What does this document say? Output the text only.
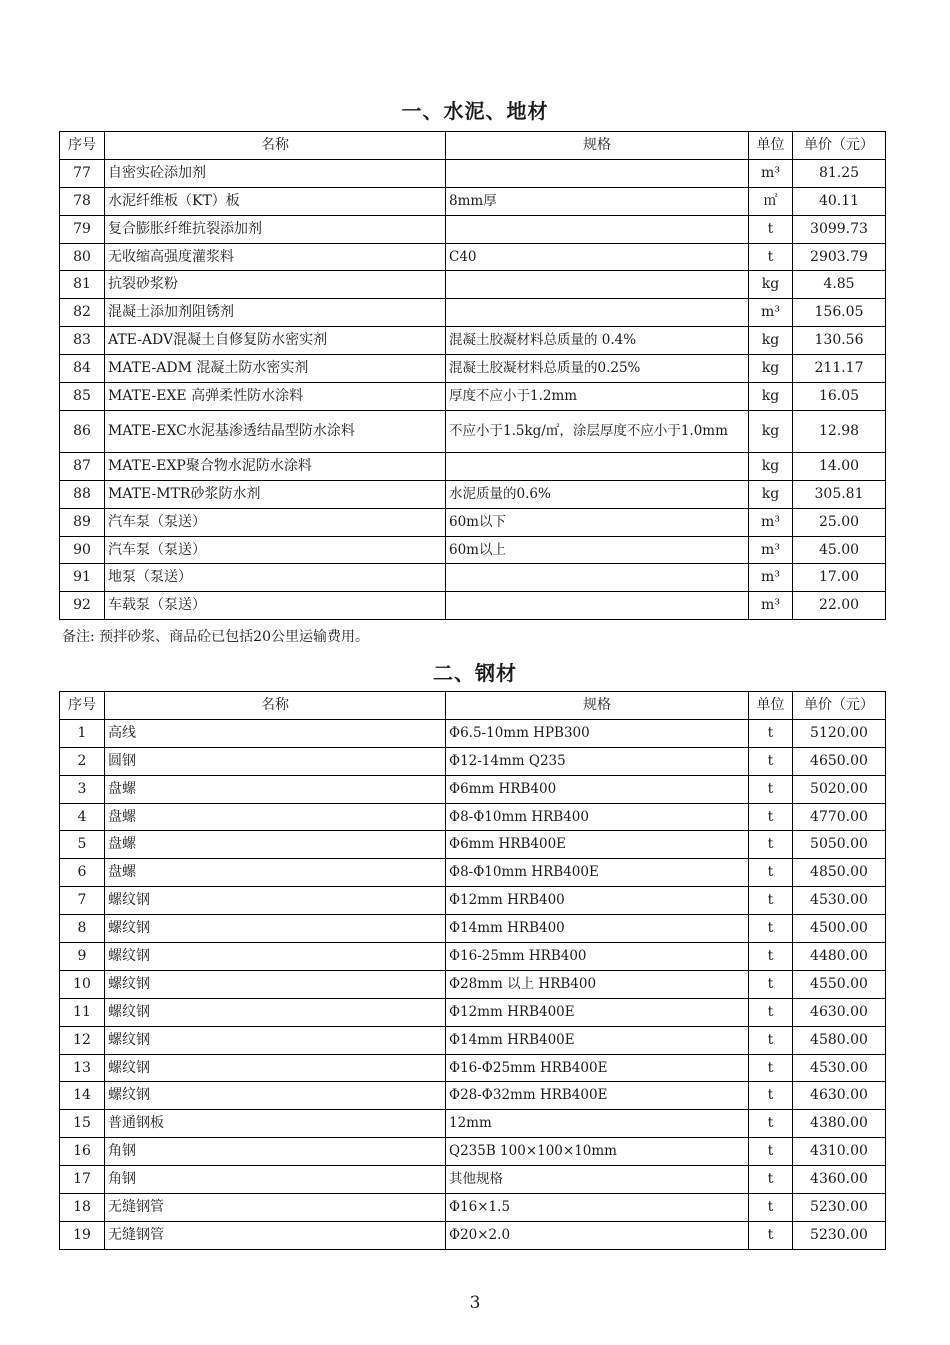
一、水泥、地材
序号	名称	规格	单位	单价（元）
77	自密实砼添加剂		m³	81.25
78	水泥纤维板（KT）板	8mm厚	㎡	40.11
79	复合膨胀纤维抗裂添加剂		t	3099.73
80	无收缩高强度灌浆料	C40	t	2903.79
81	抗裂砂浆粉		kg	4.85
82	混凝土添加剂阻锈剂		m³	156.05
83	ATE-ADV混凝土自修复防水密实剂	混凝土胶凝材料总质量的 0.4%	kg	130.56
84	MATE-ADM 混凝土防水密实剂	混凝土胶凝材料总质量的0.25%	kg	211.17
85	MATE-EXE 高弹柔性防水涂料	厚度不应小于1.2mm	kg	16.05
86	MATE-EXC水泥基渗透结晶型防水涂料	不应小于1.5kg/㎡，涂层厚度不应小于1.0mm	kg	12.98
87	MATE-EXP聚合物水泥防水涂料		kg	14.00
88	MATE-MTR砂浆防水剂	水泥质量的0.6%	kg	305.81
89	汽车泵（泵送）	60m以下	m³	25.00
90	汽车泵（泵送）	60m以上	m³	45.00
91	地泵（泵送）		m³	17.00
92	车载泵（泵送）		m³	22.00
备注: 预拌砂浆、商品砼已包括20公里运输费用。
二、钢材
序号	名称	规格	单位	单价（元）
1	高线	Φ6.5-10mm HPB300	t	5120.00
2	圆钢	Φ12-14mm Q235	t	4650.00
3	盘螺	Φ6mm HRB400	t	5020.00
4	盘螺	Φ8-Φ10mm HRB400	t	4770.00
5	盘螺	Φ6mm HRB400E	t	5050.00
6	盘螺	Φ8-Φ10mm HRB400E	t	4850.00
7	螺纹钢	Φ12mm HRB400	t	4530.00
8	螺纹钢	Φ14mm HRB400	t	4500.00
9	螺纹钢	Φ16-25mm HRB400	t	4480.00
10	螺纹钢	Φ28mm 以上 HRB400	t	4550.00
11	螺纹钢	Φ12mm HRB400E	t	4630.00
12	螺纹钢	Φ14mm HRB400E	t	4580.00
13	螺纹钢	Φ16-Φ25mm HRB400E	t	4530.00
14	螺纹钢	Φ28-Φ32mm HRB400E	t	4630.00
15	普通钢板	12mm	t	4380.00
16	角钢	Q235B 100×100×10mm	t	4310.00
17	角钢	其他规格	t	4360.00
18	无缝钢管	Φ16×1.5	t	5230.00
19	无缝钢管	Φ20×2.0	t	5230.00
3
